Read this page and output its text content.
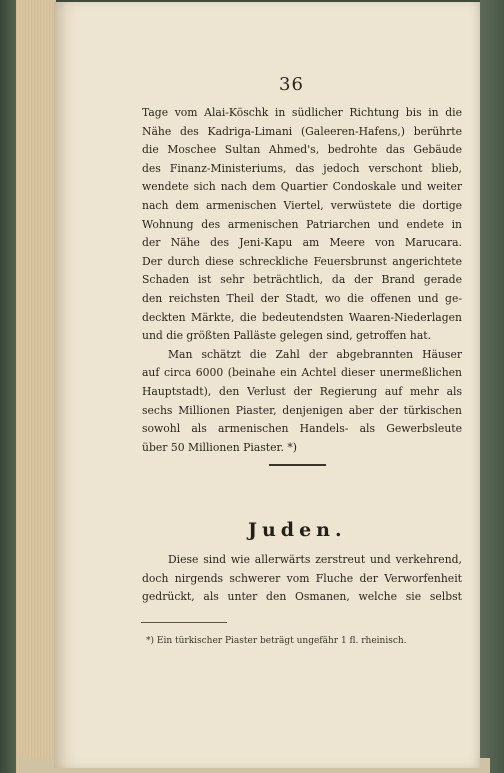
36
Tage vom Alai-Köschk in südlicher Richtung bis in die
Nähe des Kadriga-Limani (Galeeren-Hafens,) berührte
die Moschee Sultan Ahmed's, bedrohte das Gebäude
des Finanz-Ministeriums, das jedoch verschont blieb,
wendete sich nach dem Quartier Condoskale und weiter
nach dem armenischen Viertel, verwüstete die dortige
Wohnung des armenischen Patriarchen und endete in
der Nähe des Jeni-Kapu am Meere von Marucara.
Der durch diese schreckliche Feuersbrunst angerichtete
Schaden ist sehr beträchtlich, da der Brand gerade
den reichsten Theil der Stadt, wo die offenen und ge-
deckten Märkte, die bedeutendsten Waaren-Niederlagen
und die größten Palläste gelegen sind, getroffen hat.
Man schätzt die Zahl der abgebrannten Häuser
auf circa 6000 (beinahe ein Achtel dieser unermeßlichen
Hauptstadt), den Verlust der Regierung auf mehr als
sechs Millionen Piaster, denjenigen aber der türkischen
sowohl als armenischen Handels- als Gewerbsleute
über 50 Millionen Piaster. *)
Juden.
Diese sind wie allerwärts zerstreut und verkehrend,
doch nirgends schwerer vom Fluche der Verworfenheit
gedrückt, als unter den Osmanen, welche sie selbst
*) Ein türkischer Piaster beträgt ungefähr 1 fl. rheinisch.
